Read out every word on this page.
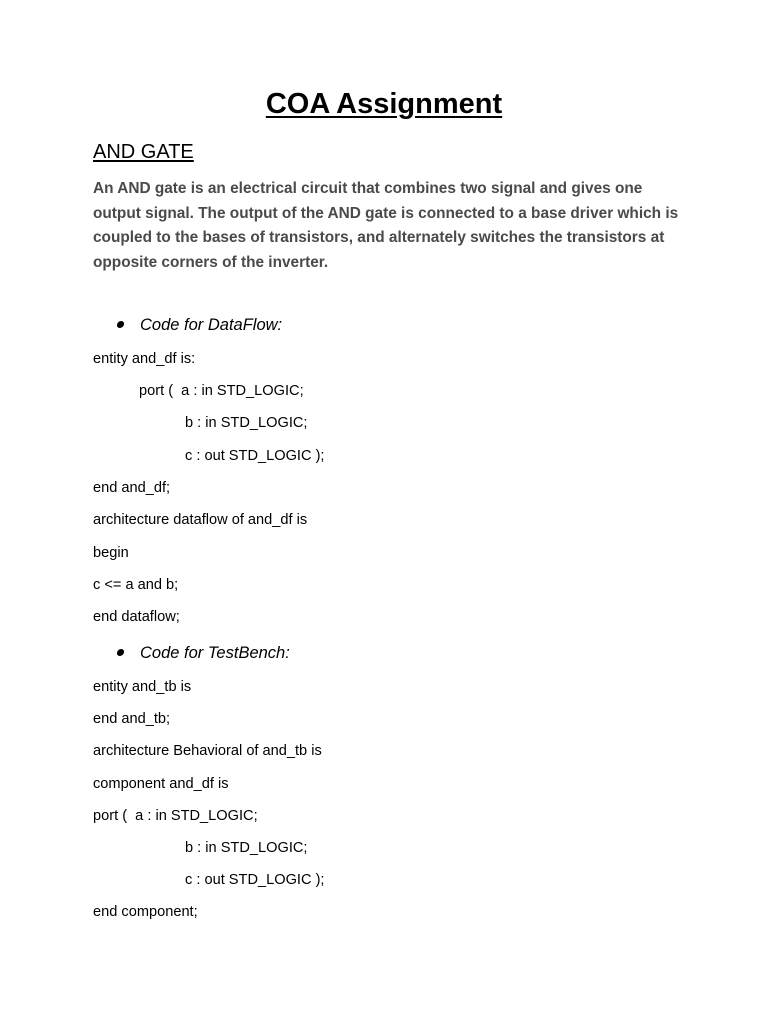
COA Assignment
AND GATE

An AND gate is an electrical circuit that combines two signal and gives one output signal. The output of the AND gate is connected to a base driver which is coupled to the bases of transistors, and alternately switches the transistors at opposite corners of the inverter.

Code for DataFlow:

entity and_df is:

port (  a : in STD_LOGIC;

b : in STD_LOGIC;

c : out STD_LOGIC );

end and_df;

architecture dataflow of and_df is

begin

c <= a and b;

end dataflow;

Code for TestBench:

entity and_tb is

end and_tb;

architecture Behavioral of and_tb is

component and_df is

port (  a : in STD_LOGIC;

b : in STD_LOGIC;

c : out STD_LOGIC );

end component;
